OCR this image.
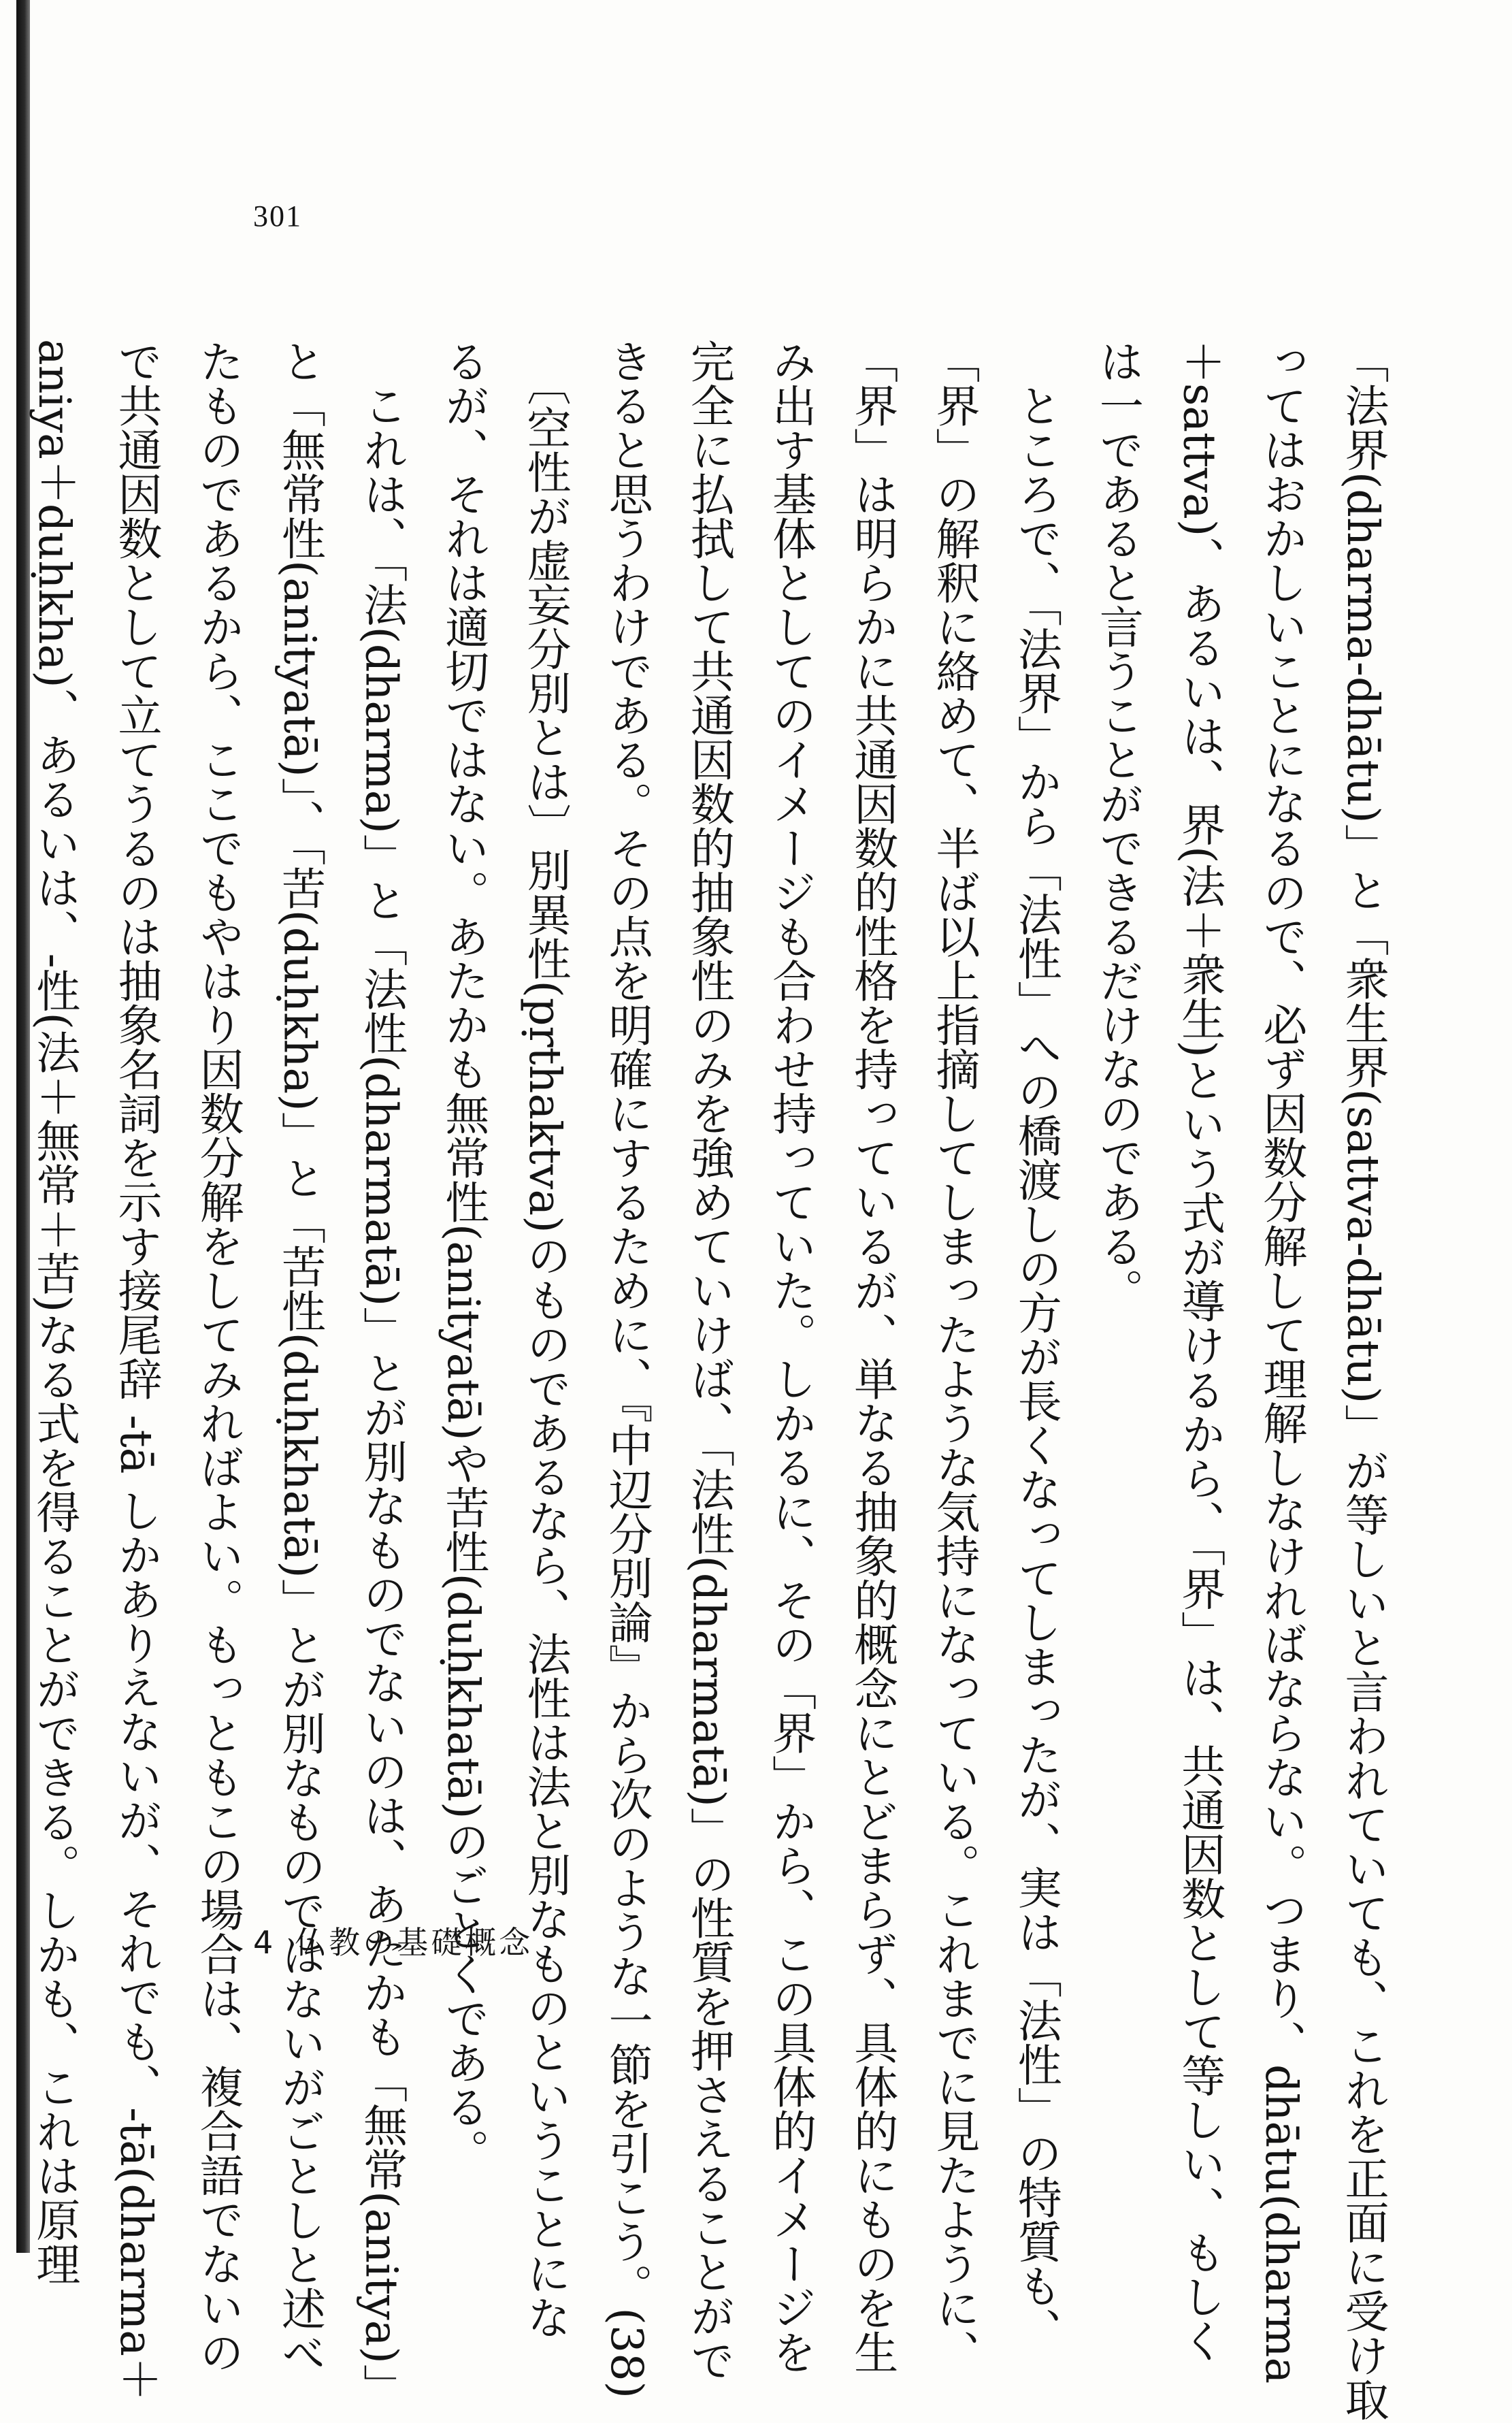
301
「法界(dharma-dhātu)」と「衆生界(sattva-dhātu)」が等しいと言われていても、これを正面に受け取
ってはおかしいことになるので、必ず因数分解して理解しなければならない。つまり、dhātu(dharma
＋sattva)、あるいは、界(法＋衆生)という式が導けるから、「界」は、共通因数として等しい、もしく
は一であると言うことができるだけなのである。
　ところで、「法界」から「法性」への橋渡しの方が長くなってしまったが、実は「法性」の特質も、
「界」の解釈に絡めて、半ば以上指摘してしまったような気持になっている。これまでに見たように、
「界」は明らかに共通因数的性格を持っているが、単なる抽象的概念にとどまらず、具体的にものを生
み出す基体としてのイメージも合わせ持っていた。しかるに、その「界」から、この具体的イメージを
完全に払拭して共通因数的抽象性のみを強めていけば、「法性(dharmatā)」の性質を押さえることがで
きると思うわけである。その点を明確にするために、『中辺分別論』から次のような一節を引こう。(38)
　〔空性が虚妄分別とは〕別異性(pṛthaktva)のものであるなら、法性は法と別なものということにな
るが、それは適切ではない。あたかも無常性(anityatā)や苦性(duḥkhatā)のごとくである。
　これは、「法(dharma)」と「法性(dharmatā)」とが別なものでないのは、あたかも「無常(anitya)」
と「無常性(anityatā)」、「苦(duḥkha)」と「苦性(duḥkhatā)」とが別なものではないがごとしと述べ
たものであるから、ここでもやはり因数分解をしてみればよい。もっともこの場合は、複合語でないの
で共通因数として立てうるのは抽象名詞を示す接尾辞 -tā しかありえないが、それでも、-tā(dharma＋
aniya＋duḥkha)、あるいは、-性(法＋無常＋苦)なる式を得ることができる。しかも、これは原理	4 仏教の基礎概念
